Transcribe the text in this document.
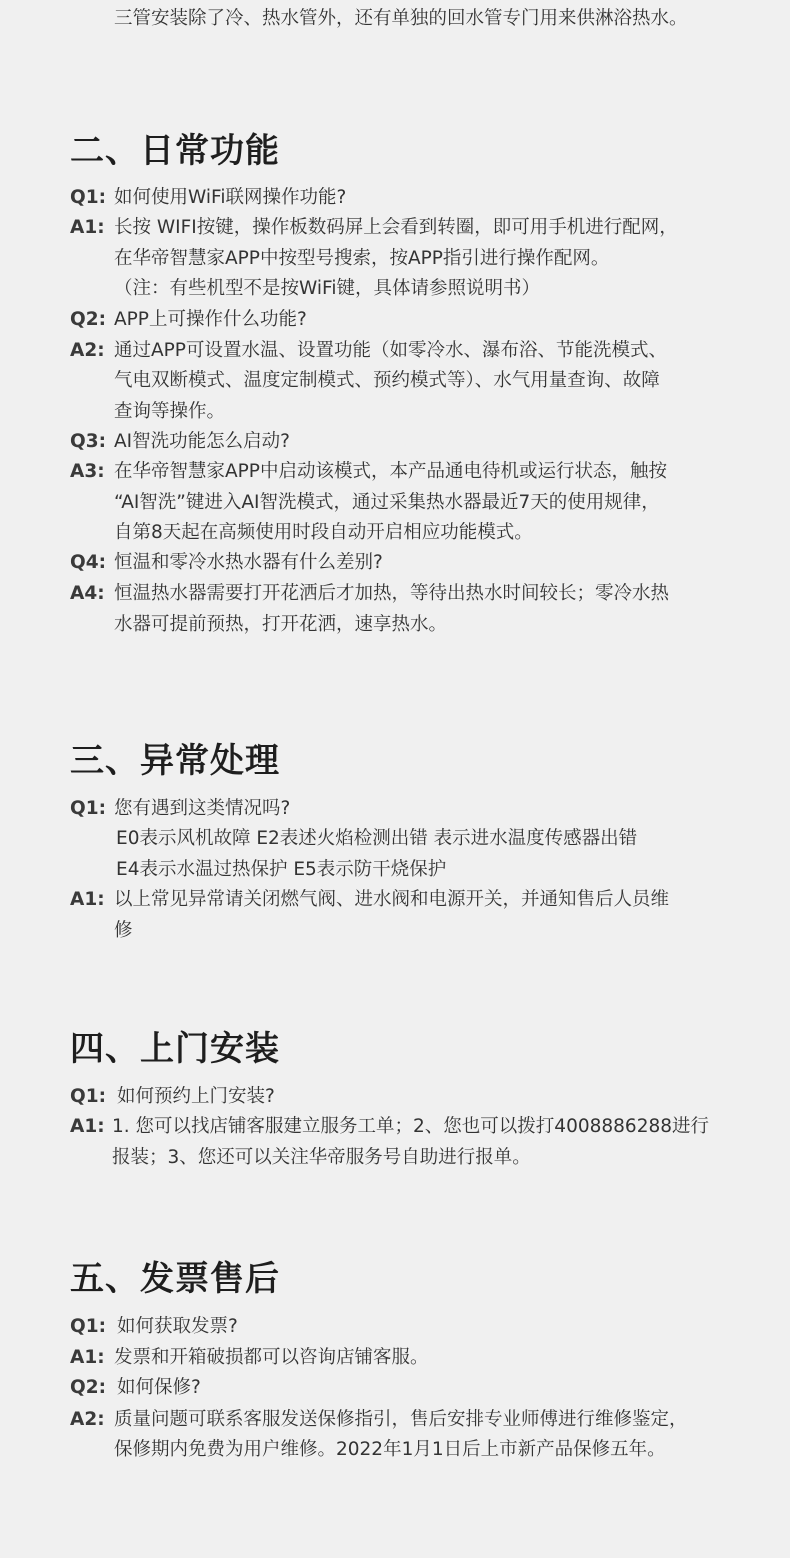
三管安装除了冷、热水管外，还有单独的回水管专门用来供淋浴热水。
二、日常功能
Q1: 如何使用WiFi联网操作功能?
A1: 长按 WIFI按键，操作板数码屏上会看到转圈，即可用手机进行配网，
在华帝智慧家APP中按型号搜索，按APP指引进行操作配网。
（注：有些机型不是按WiFi键，具体请参照说明书）
Q2: APP上可操作什么功能?
A2: 通过APP可设置水温、设置功能（如零冷水、瀑布浴、节能洗模式、
气电双断模式、温度定制模式、预约模式等）、水气用量查询、故障
查询等操作。
Q3: AI智洗功能怎么启动?
A3: 在华帝智慧家APP中启动该模式，本产品通电待机或运行状态，触按
“AI智洗”键进入AI智洗模式，通过采集热水器最近7天的使用规律，
自第8天起在高频使用时段自动开启相应功能模式。
Q4: 恒温和零冷水热水器有什么差别?
A4: 恒温热水器需要打开花洒后才加热，等待出热水时间较长；零冷水热
水器可提前预热，打开花洒，速享热水。
三、异常处理
Q1: 您有遇到这类情况吗?
E0表示风机故障 E2表述火焰检测出错 表示进水温度传感器出错
E4表示水温过热保护 E5表示防干烧保护
A1: 以上常见异常请关闭燃气阀、进水阀和电源开关，并通知售后人员维
修
四、上门安装
Q1: 如何预约上门安装?
A1: 1. 您可以找店铺客服建立服务工单；2、您也可以拨打4008886288进行
报装；3、您还可以关注华帝服务号自助进行报单。
五、发票售后
Q1: 如何获取发票?
A1: 发票和开箱破损都可以咨询店铺客服。
Q2: 如何保修?
A2: 质量问题可联系客服发送保修指引，售后安排专业师傅进行维修鉴定，
保修期内免费为用户维修。2022年1月1日后上市新产品保修五年。
